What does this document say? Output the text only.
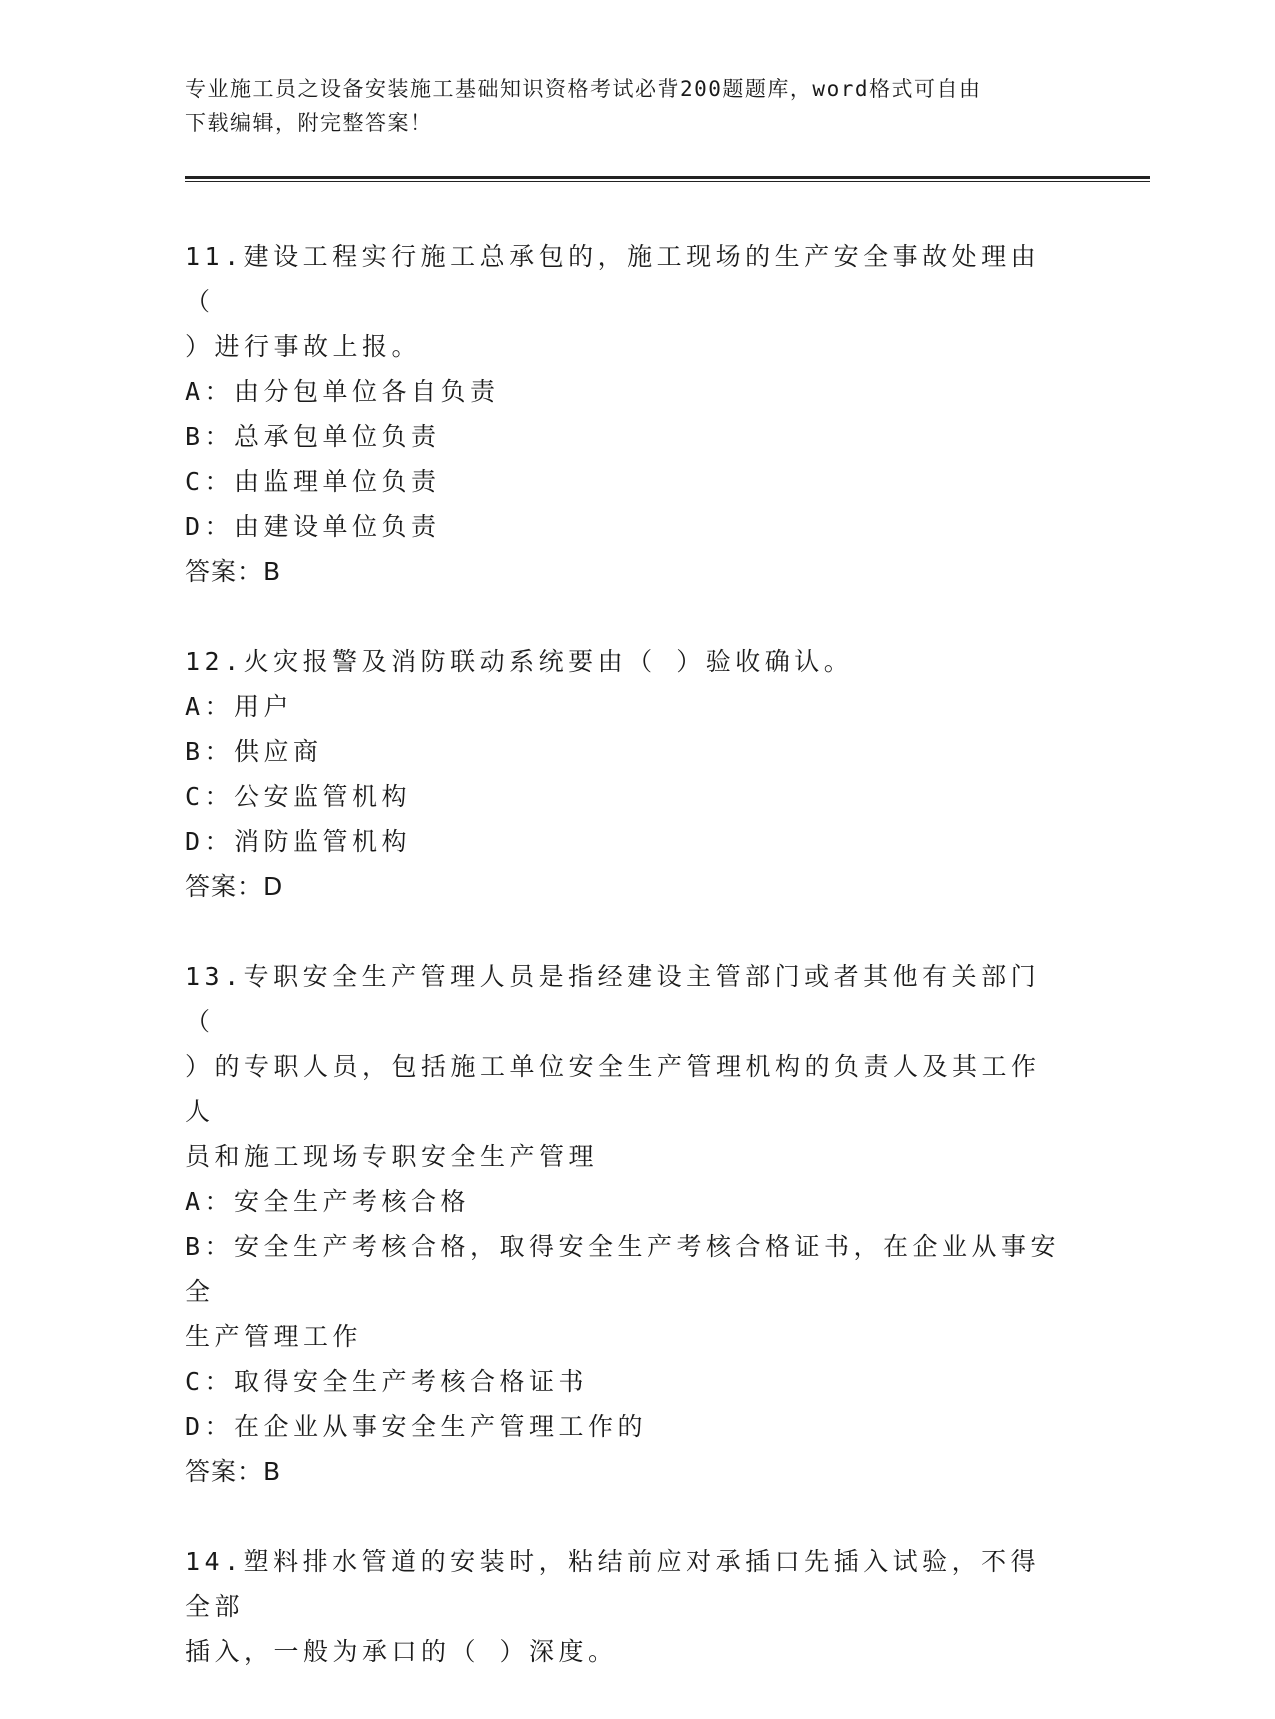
专业施工员之设备安装施工基础知识资格考试必背200题题库，word格式可自由
下载编辑，附完整答案！
11.建设工程实行施工总承包的，施工现场的生产安全事故处理由（
）进行事故上报。
A：由分包单位各自负责
B：总承包单位负责
C：由监理单位负责
D：由建设单位负责
答案：B
12.火灾报警及消防联动系统要由（ ）验收确认。
A：用户
B：供应商
C：公安监管机构
D：消防监管机构
答案：D
13.专职安全生产管理人员是指经建设主管部门或者其他有关部门（
）的专职人员，包括施工单位安全生产管理机构的负责人及其工作人
员和施工现场专职安全生产管理
A：安全生产考核合格
B：安全生产考核合格，取得安全生产考核合格证书，在企业从事安全
生产管理工作
C：取得安全生产考核合格证书
D：在企业从事安全生产管理工作的
答案：B
14.塑料排水管道的安装时，粘结前应对承插口先插入试验，不得全部
插入，一般为承口的（ ）深度。
